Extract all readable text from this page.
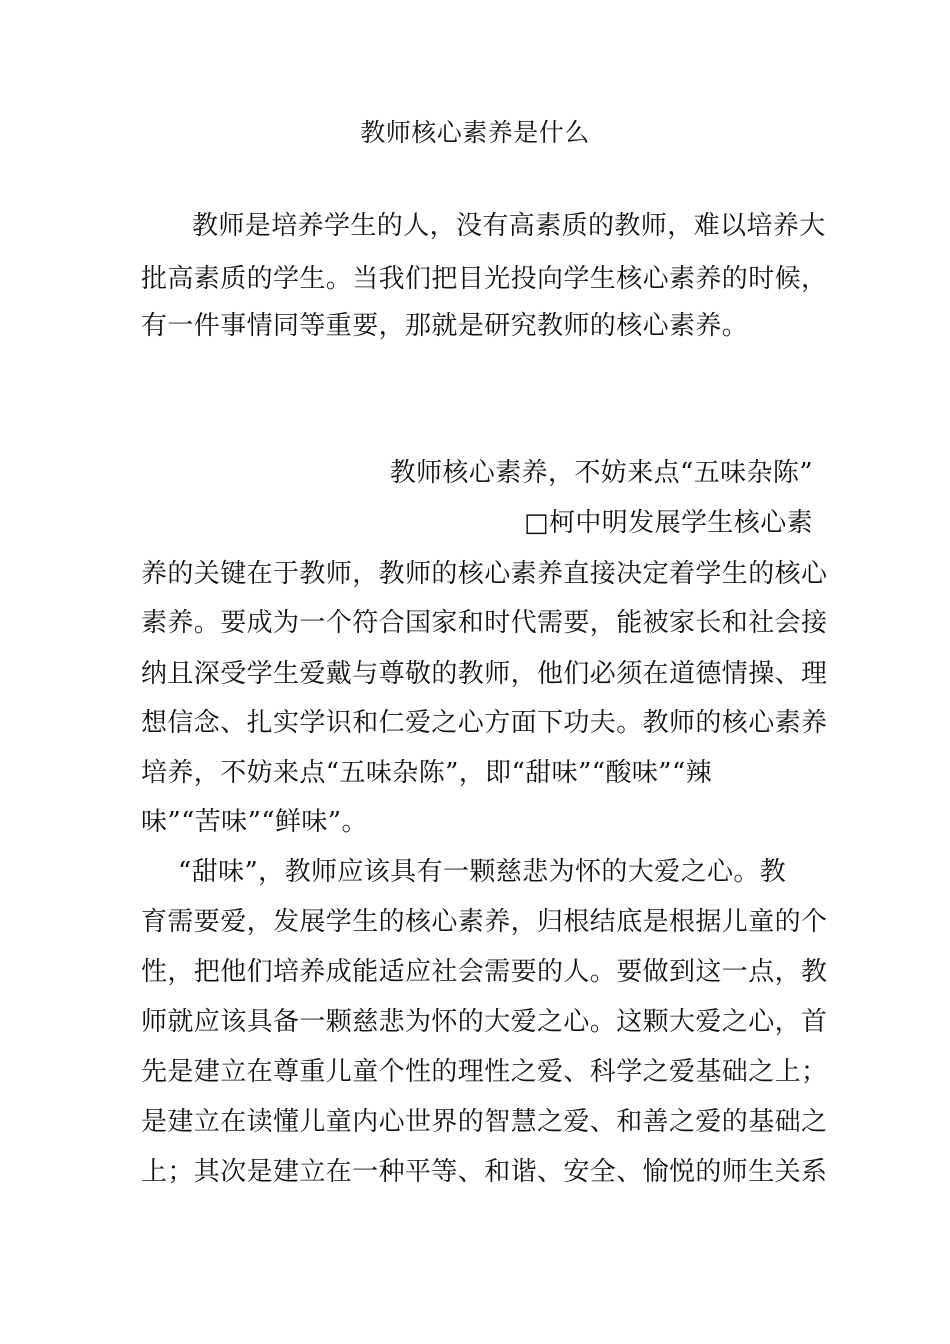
教师核心素养是什么
教师是培养学生的人，没有高素质的教师，难以培养大
批高素质的学生。当我们把目光投向学生核心素养的时候，
有一件事情同等重要，那就是研究教师的核心素养。
教师核心素养，不妨来点“五味杂陈”
□柯中明发展学生核心素
养的关键在于教师，教师的核心素养直接决定着学生的核心
素养。要成为一个符合国家和时代需要，能被家长和社会接
纳且深受学生爱戴与尊敬的教师，他们必须在道德情操、理
想信念、扎实学识和仁爱之心方面下功夫。教师的核心素养
培养，不妨来点“五味杂陈”，即“甜味”“酸味”“辣
味”“苦味”“鲜味”。
“甜味”，教师应该具有一颗慈悲为怀的大爱之心。教
育需要爱，发展学生的核心素养，归根结底是根据儿童的个
性，把他们培养成能适应社会需要的人。要做到这一点，教
师就应该具备一颗慈悲为怀的大爱之心。这颗大爱之心，首
先是建立在尊重儿童个性的理性之爱、科学之爱基础之上；
是建立在读懂儿童内心世界的智慧之爱、和善之爱的基础之
上；其次是建立在一种平等、和谐、安全、愉悦的师生关系
